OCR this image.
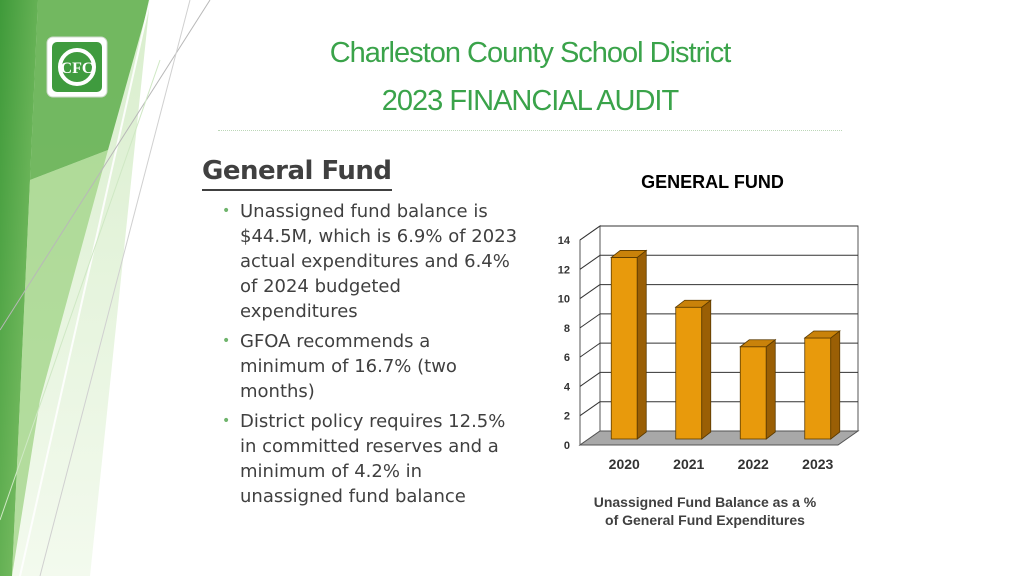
CFC	Charleston County School District
2023 FINANCIAL AUDIT
General Fund
• Unassigned fund balance is $44.5M, which is 6.9% of 2023 actual expenditures and 6.4% of 2024 budgeted expenditures
• GFOA recommends a minimum of 16.7% (two months)
• District policy requires 12.5% in committed reserves and a minimum of 4.2% in unassigned fund balance
GENERAL FUND
0
2
4
6
8
10
12
14
2020 2021 2022 2023
Unassigned Fund Balance as a %
of General Fund Expenditures
